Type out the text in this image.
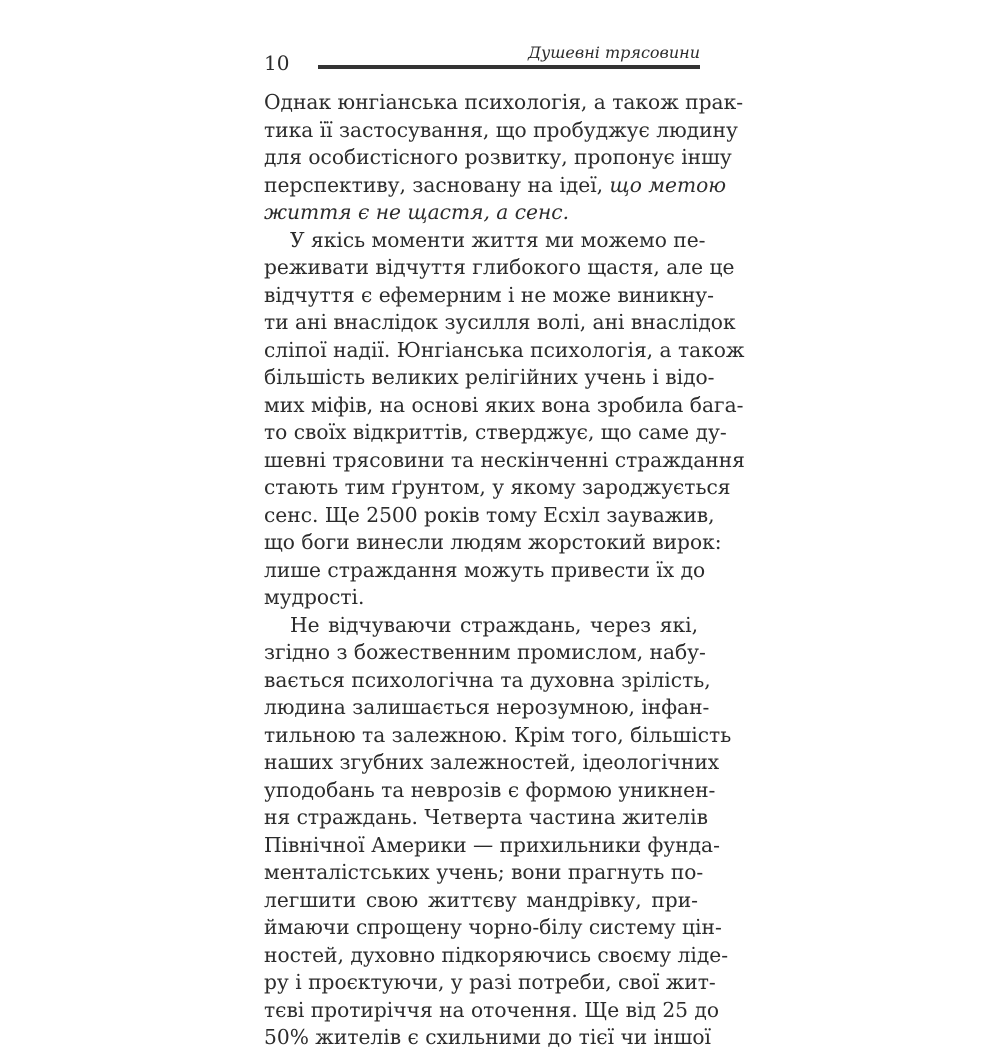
10	Душевні трясовини
Однак юнгіанська психологія, а також прак-
тика її застосування, що пробуджує людину
для особистісного розвитку, пропонує іншу
перспективу, засновану на ідеї, що метою
життя є не щастя, а сенс.
У якісь моменти життя ми можемо пе-
реживати відчуття глибокого щастя, але це
відчуття є ефемерним і не може виникну-
ти ані внаслідок зусилля волі, ані внаслідок
сліпої надії. Юнгіанська психологія, а також
більшість великих релігійних учень і відо-
мих міфів, на основі яких вона зробила бага-
то своїх відкриттів, стверджує, що саме ду-
шевні трясовини та нескінченні страждання
стають тим ґрунтом, у якому зароджується
сенс. Ще 2500 років тому Есхіл зауважив,
що боги винесли людям жорстокий вирок:
лише страждання можуть привести їх до
мудрості.
Не відчуваючи страждань, через які,
згідно з божественним промислом, набу-
вається психологічна та духовна зрілість,
людина залишається нерозумною, інфан-
тильною та залежною. Крім того, більшість
наших згубних залежностей, ідеологічних
уподобань та неврозів є формою уникнен-
ня страждань. Четверта частина жителів
Північної Америки — прихильники фунда-
менталістських учень; вони прагнуть по-
легшити свою життєву мандрівку, при-
ймаючи спрощену чорно-білу систему цін-
ностей, духовно підкоряючись своєму ліде-
ру і проєктуючи, у разі потреби, свої жит-
тєві протиріччя на оточення. Ще від 25 до
50% жителів є схильними до тієї чи іншої
